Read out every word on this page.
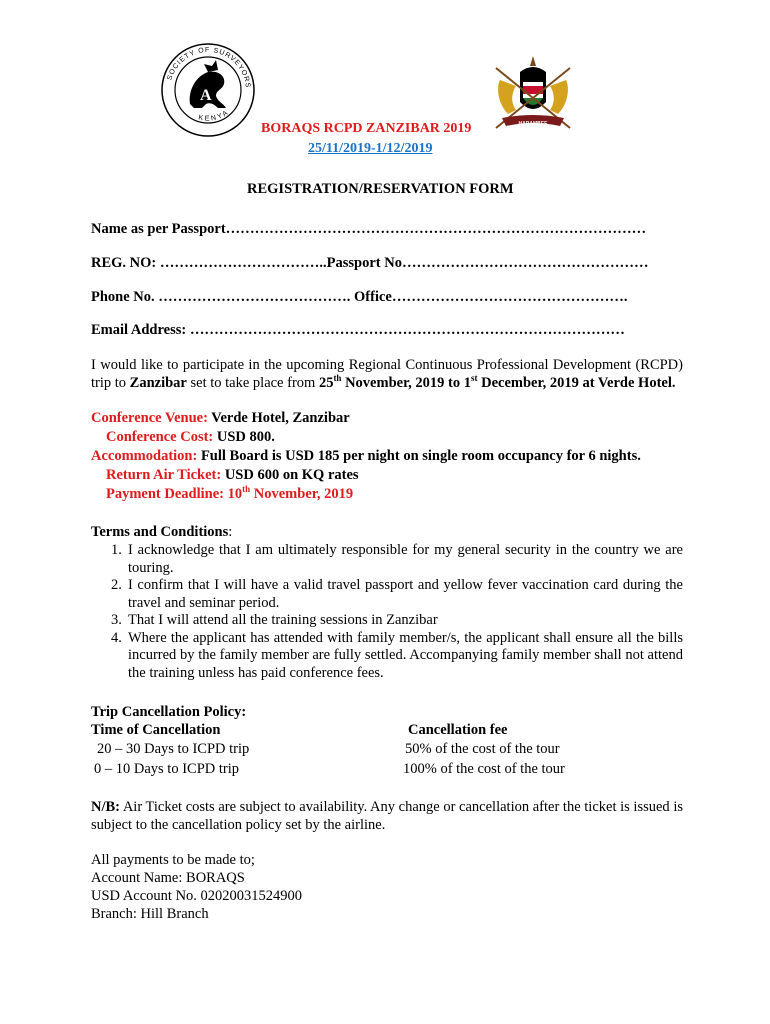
SOCIETY OF SURVEYORS
KENYA
A
HARAMBEE
BORAQS RCPD ZANZIBAR 2019
25/11/2019-1/12/2019
REGISTRATION/RESERVATION FORM
Name as per Passport……………………………………………………………………………
REG. NO: ……………………………..Passport No……………………………………………
Phone No. …………………………………. Office………………………………………….
Email Address: ………………………………………………………………………………
I would like to participate in the upcoming Regional Continuous Professional Development (RCPD) trip to Zanzibar set to take place from 25th November, 2019 to 1st December, 2019 at Verde Hotel.
Conference Venue: Verde Hotel, Zanzibar
Conference Cost: USD 800.
Accommodation: Full Board is USD 185 per night on single room occupancy for 6 nights.
Return Air Ticket: USD 600 on KQ rates
Payment Deadline: 10th November, 2019
Terms and Conditions:
1. I acknowledge that I am ultimately responsible for my general security in the country we are touring.
2. I confirm that I will have a valid travel passport and yellow fever vaccination card during the travel and seminar period.
3. That I will attend all the training sessions in Zanzibar
4. Where the applicant has attended with family member/s, the applicant shall ensure all the bills incurred by the family member are fully settled. Accompanying family member shall not attend the training unless has paid conference fees.
Trip Cancellation Policy:
Time of Cancellation	Cancellation fee
20 – 30 Days to ICPD trip	50% of the cost of the tour
0 – 10 Days to ICPD trip	100% of the cost of the tour
N/B: Air Ticket costs are subject to availability. Any change or cancellation after the ticket is issued is subject to the cancellation policy set by the airline.
All payments to be made to;
Account Name: BORAQS
USD Account No. 02020031524900
Branch: Hill Branch
